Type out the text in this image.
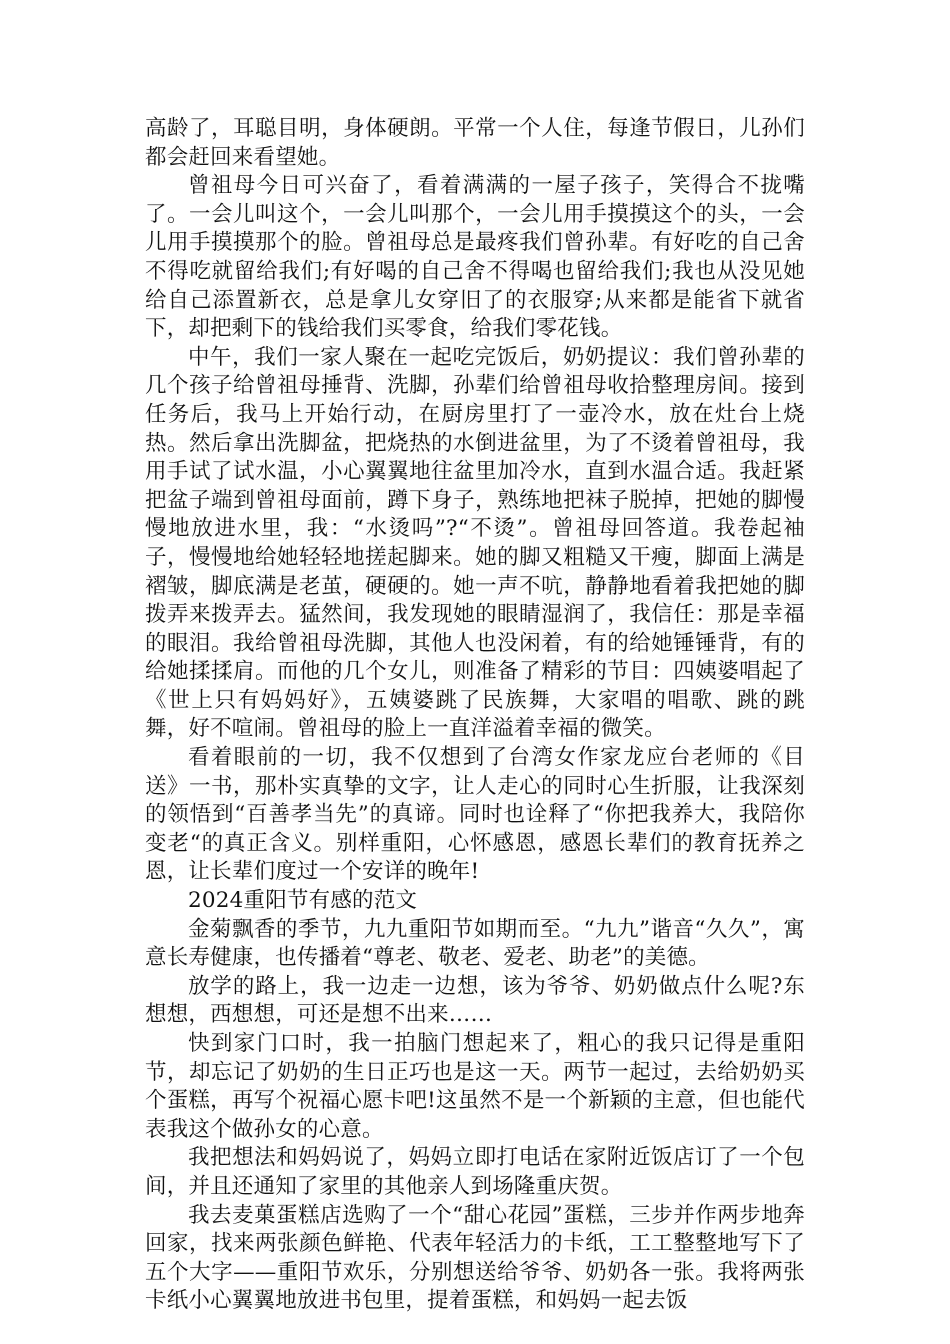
高龄了，耳聪目明，身体硬朗。平常一个人住，每逢节假日，儿孙们都会赶回来看望她。

曾祖母今日可兴奋了，看着满满的一屋子孩子，笑得合不拢嘴了。一会儿叫这个，一会儿叫那个，一会儿用手摸摸这个的头，一会儿用手摸摸那个的脸。曾祖母总是最疼我们曾孙辈。有好吃的自己舍不得吃就留给我们;有好喝的自己舍不得喝也留给我们;我也从没见她给自己添置新衣，总是拿儿女穿旧了的衣服穿;从来都是能省下就省下，却把剩下的钱给我们买零食，给我们零花钱。

中午，我们一家人聚在一起吃完饭后，奶奶提议：我们曾孙辈的几个孩子给曾祖母捶背、洗脚，孙辈们给曾祖母收拾整理房间。接到任务后，我马上开始行动，在厨房里打了一壶冷水，放在灶台上烧热。然后拿出洗脚盆，把烧热的水倒进盆里，为了不烫着曾祖母，我用手试了试水温，小心翼翼地往盆里加冷水，直到水温合适。我赶紧把盆子端到曾祖母面前，蹲下身子，熟练地把袜子脱掉，把她的脚慢慢地放进水里，我：“水烫吗”?“不烫”。曾祖母回答道。我卷起袖子，慢慢地给她轻轻地搓起脚来。她的脚又粗糙又干瘦，脚面上满是褶皱，脚底满是老茧，硬硬的。她一声不吭，静静地看着我把她的脚拨弄来拨弄去。猛然间，我发现她的眼睛湿润了，我信任：那是幸福的眼泪。我给曾祖母洗脚，其他人也没闲着，有的给她锤锤背，有的给她揉揉肩。而他的几个女儿，则准备了精彩的节目：四姨婆唱起了《世上只有妈妈好》，五姨婆跳了民族舞，大家唱的唱歌、跳的跳舞，好不喧闹。曾祖母的脸上一直洋溢着幸福的微笑。

看着眼前的一切，我不仅想到了台湾女作家龙应台老师的《目送》一书，那朴实真挚的文字，让人走心的同时心生折服，让我深刻的领悟到“百善孝当先”的真谛。同时也诠释了“你把我养大，我陪你变老“的真正含义。别样重阳，心怀感恩，感恩长辈们的教育抚养之恩，让长辈们度过一个安详的晚年!

2024重阳节有感的范文

金菊飘香的季节，九九重阳节如期而至。“九九”谐音“久久”，寓意长寿健康，也传播着“尊老、敬老、爱老、助老”的美德。

放学的路上，我一边走一边想，该为爷爷、奶奶做点什么呢?东想想，西想想，可还是想不出来……

快到家门口时，我一拍脑门想起来了，粗心的我只记得是重阳节，却忘记了奶奶的生日正巧也是这一天。两节一起过，去给奶奶买个蛋糕，再写个祝福心愿卡吧!这虽然不是一个新颖的主意，但也能代表我这个做孙女的心意。

我把想法和妈妈说了，妈妈立即打电话在家附近饭店订了一个包间，并且还通知了家里的其他亲人到场隆重庆贺。

我去麦菓蛋糕店选购了一个“甜心花园”蛋糕，三步并作两步地奔回家，找来两张颜色鲜艳、代表年轻活力的卡纸，工工整整地写下了五个大字——重阳节欢乐，分别想送给爷爷、奶奶各一张。我将两张卡纸小心翼翼地放进书包里，提着蛋糕，和妈妈一起去饭
